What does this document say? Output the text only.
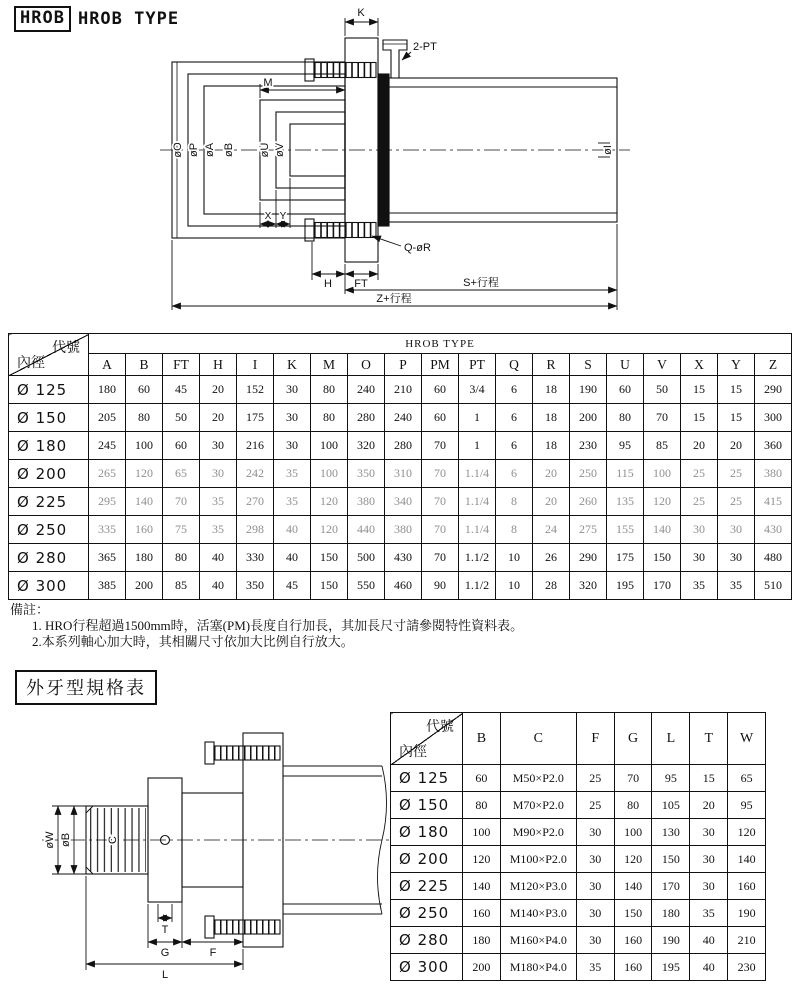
HROB HROB TYPE	K
2-PT
M
øO øP øA øB øU øV	øI
X Y
Q-øR
H FT	S+行程
Z+行程
代號
內徑	HROB TYPE																		
	A	B	FT	H	I	K	M	O	P	PM	PT	Q	R	S	U	V	X	Y	Z
Ø 125	180	60	45	20	152	30	80	240	210	60	3/4	6	18	190	60	50	15	15	290
Ø 150	205	80	50	20	175	30	80	280	240	60	1	6	18	200	80	70	15	15	300
Ø 180	245	100	60	30	216	30	100	320	280	70	1	6	18	230	95	85	20	20	360
Ø 200	265	120	65	30	242	35	100	350	310	70	1.1/4	6	20	250	115	100	25	25	380
Ø 225	295	140	70	35	270	35	120	380	340	70	1.1/4	8	20	260	135	120	25	25	415
Ø 250	335	160	75	35	298	40	120	440	380	70	1.1/4	8	24	275	155	140	30	30	430
Ø 280	365	180	80	40	330	40	150	500	430	70	1.1/2	10	26	290	175	150	30	30	480
Ø 300	385	200	85	40	350	45	150	550	460	90	1.1/2	10	28	320	195	170	35	35	510
備註：
1. HRO行程超過1500mm時，活塞(PM)長度自行加長，其加長尺寸請參閱特性資料表。
2.本系列軸心加大時，其相關尺寸依加大比例自行放大。
外牙型規格表
øW øB	C
T
G	F
L
代號
內徑	B	C	F	G	L	T	W
Ø 125	60	M50×P2.0	25	70	95	15	65
Ø 150	80	M70×P2.0	25	80	105	20	95
Ø 180	100	M90×P2.0	30	100	130	30	120
Ø 200	120	M100×P2.0	30	120	150	30	140
Ø 225	140	M120×P3.0	30	140	170	30	160
Ø 250	160	M140×P3.0	30	150	180	35	190
Ø 280	180	M160×P4.0	30	160	190	40	210
Ø 300	200	M180×P4.0	35	160	195	40	230
